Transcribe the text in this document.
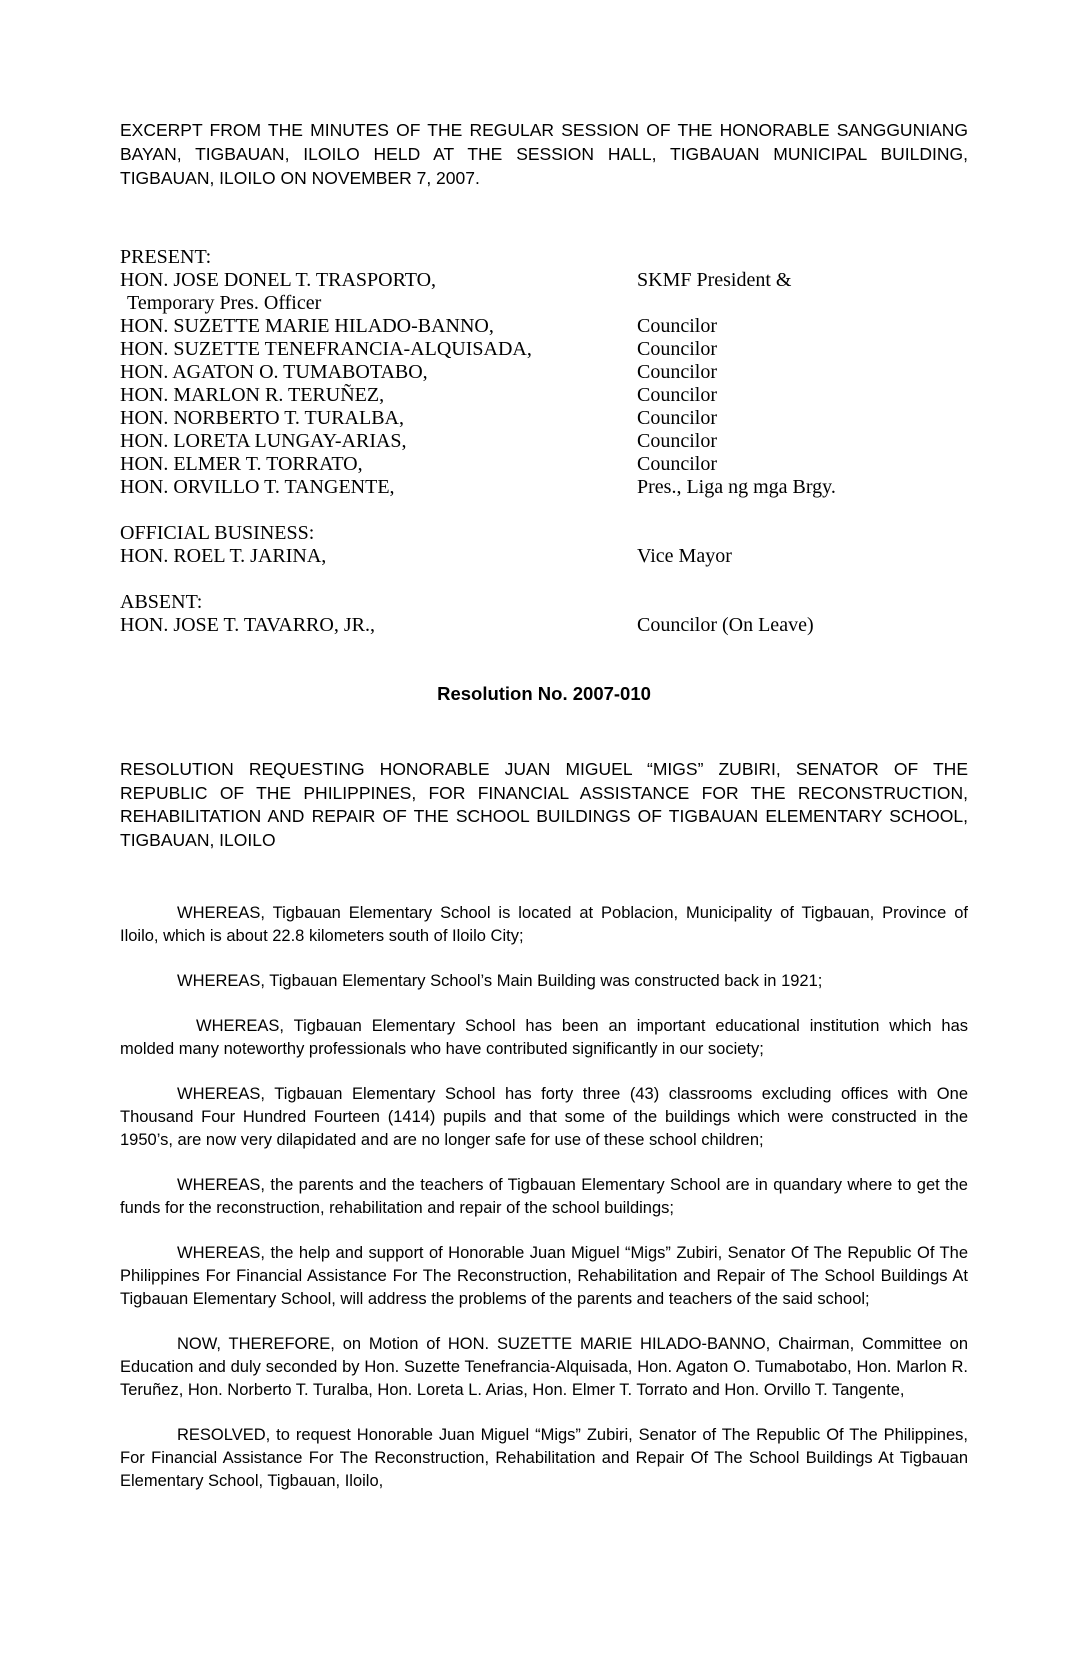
EXCERPT FROM THE MINUTES OF THE REGULAR SESSION OF THE HONORABLE SANGGUNIANG BAYAN, TIGBAUAN, ILOILO HELD AT THE SESSION HALL, TIGBAUAN MUNICIPAL BUILDING, TIGBAUAN, ILOILO ON NOVEMBER 7, 2007.

PRESENT:
HON. JOSE DONEL T. TRASPORTO,	SKMF President &
Temporary Pres. Officer
HON. SUZETTE MARIE HILADO-BANNO,	Councilor
HON. SUZETTE TENEFRANCIA-ALQUISADA,	Councilor
HON. AGATON O. TUMABOTABO,	Councilor
HON. MARLON R. TERUÑEZ,	Councilor
HON. NORBERTO T. TURALBA,	Councilor
HON. LORETA LUNGAY-ARIAS,	Councilor
HON. ELMER T. TORRATO,	Councilor
HON. ORVILLO T. TANGENTE,	Pres., Liga ng mga Brgy.
OFFICIAL BUSINESS:
HON. ROEL T. JARINA,	Vice Mayor
ABSENT:
HON. JOSE T. TAVARRO, JR.,	Councilor (On Leave)
Resolution No. 2007-010

RESOLUTION REQUESTING HONORABLE JUAN MIGUEL “MIGS” ZUBIRI, SENATOR OF THE REPUBLIC OF THE PHILIPPINES, FOR FINANCIAL ASSISTANCE FOR THE RECONSTRUCTION, REHABILITATION AND REPAIR OF THE SCHOOL BUILDINGS OF TIGBAUAN ELEMENTARY SCHOOL, TIGBAUAN, ILOILO

WHEREAS, Tigbauan Elementary School is located at Poblacion, Municipality of Tigbauan, Province of Iloilo, which is about 22.8 kilometers south of Iloilo City;

WHEREAS, Tigbauan Elementary School’s Main Building was constructed back in 1921;

WHEREAS, Tigbauan Elementary School has been an important educational institution which has molded many noteworthy professionals who have contributed significantly in our society;

WHEREAS, Tigbauan Elementary School has forty three (43) classrooms excluding offices with One Thousand Four Hundred Fourteen (1414) pupils and that some of the buildings which were constructed in the 1950’s, are now very dilapidated and are no longer safe for use of these school children;

WHEREAS, the parents and the teachers of Tigbauan Elementary School are in quandary where to get the funds for the reconstruction, rehabilitation and repair of the school buildings;

WHEREAS, the help and support of Honorable Juan Miguel “Migs” Zubiri, Senator Of The Republic Of The Philippines For Financial Assistance For The Reconstruction, Rehabilitation and Repair of The School Buildings At Tigbauan Elementary School, will address the problems of the parents and teachers of the said school;

NOW, THEREFORE, on Motion of HON. SUZETTE MARIE HILADO-BANNO, Chairman, Committee on Education and duly seconded by Hon. Suzette Tenefrancia-Alquisada, Hon. Agaton O. Tumabotabo, Hon. Marlon R. Teruñez, Hon. Norberto T. Turalba, Hon. Loreta L. Arias, Hon. Elmer T. Torrato and Hon. Orvillo T. Tangente,

RESOLVED, to request Honorable Juan Miguel “Migs” Zubiri, Senator of The Republic Of The Philippines, For Financial Assistance For The Reconstruction, Rehabilitation and Repair Of The School Buildings At Tigbauan Elementary School, Tigbauan, Iloilo,
